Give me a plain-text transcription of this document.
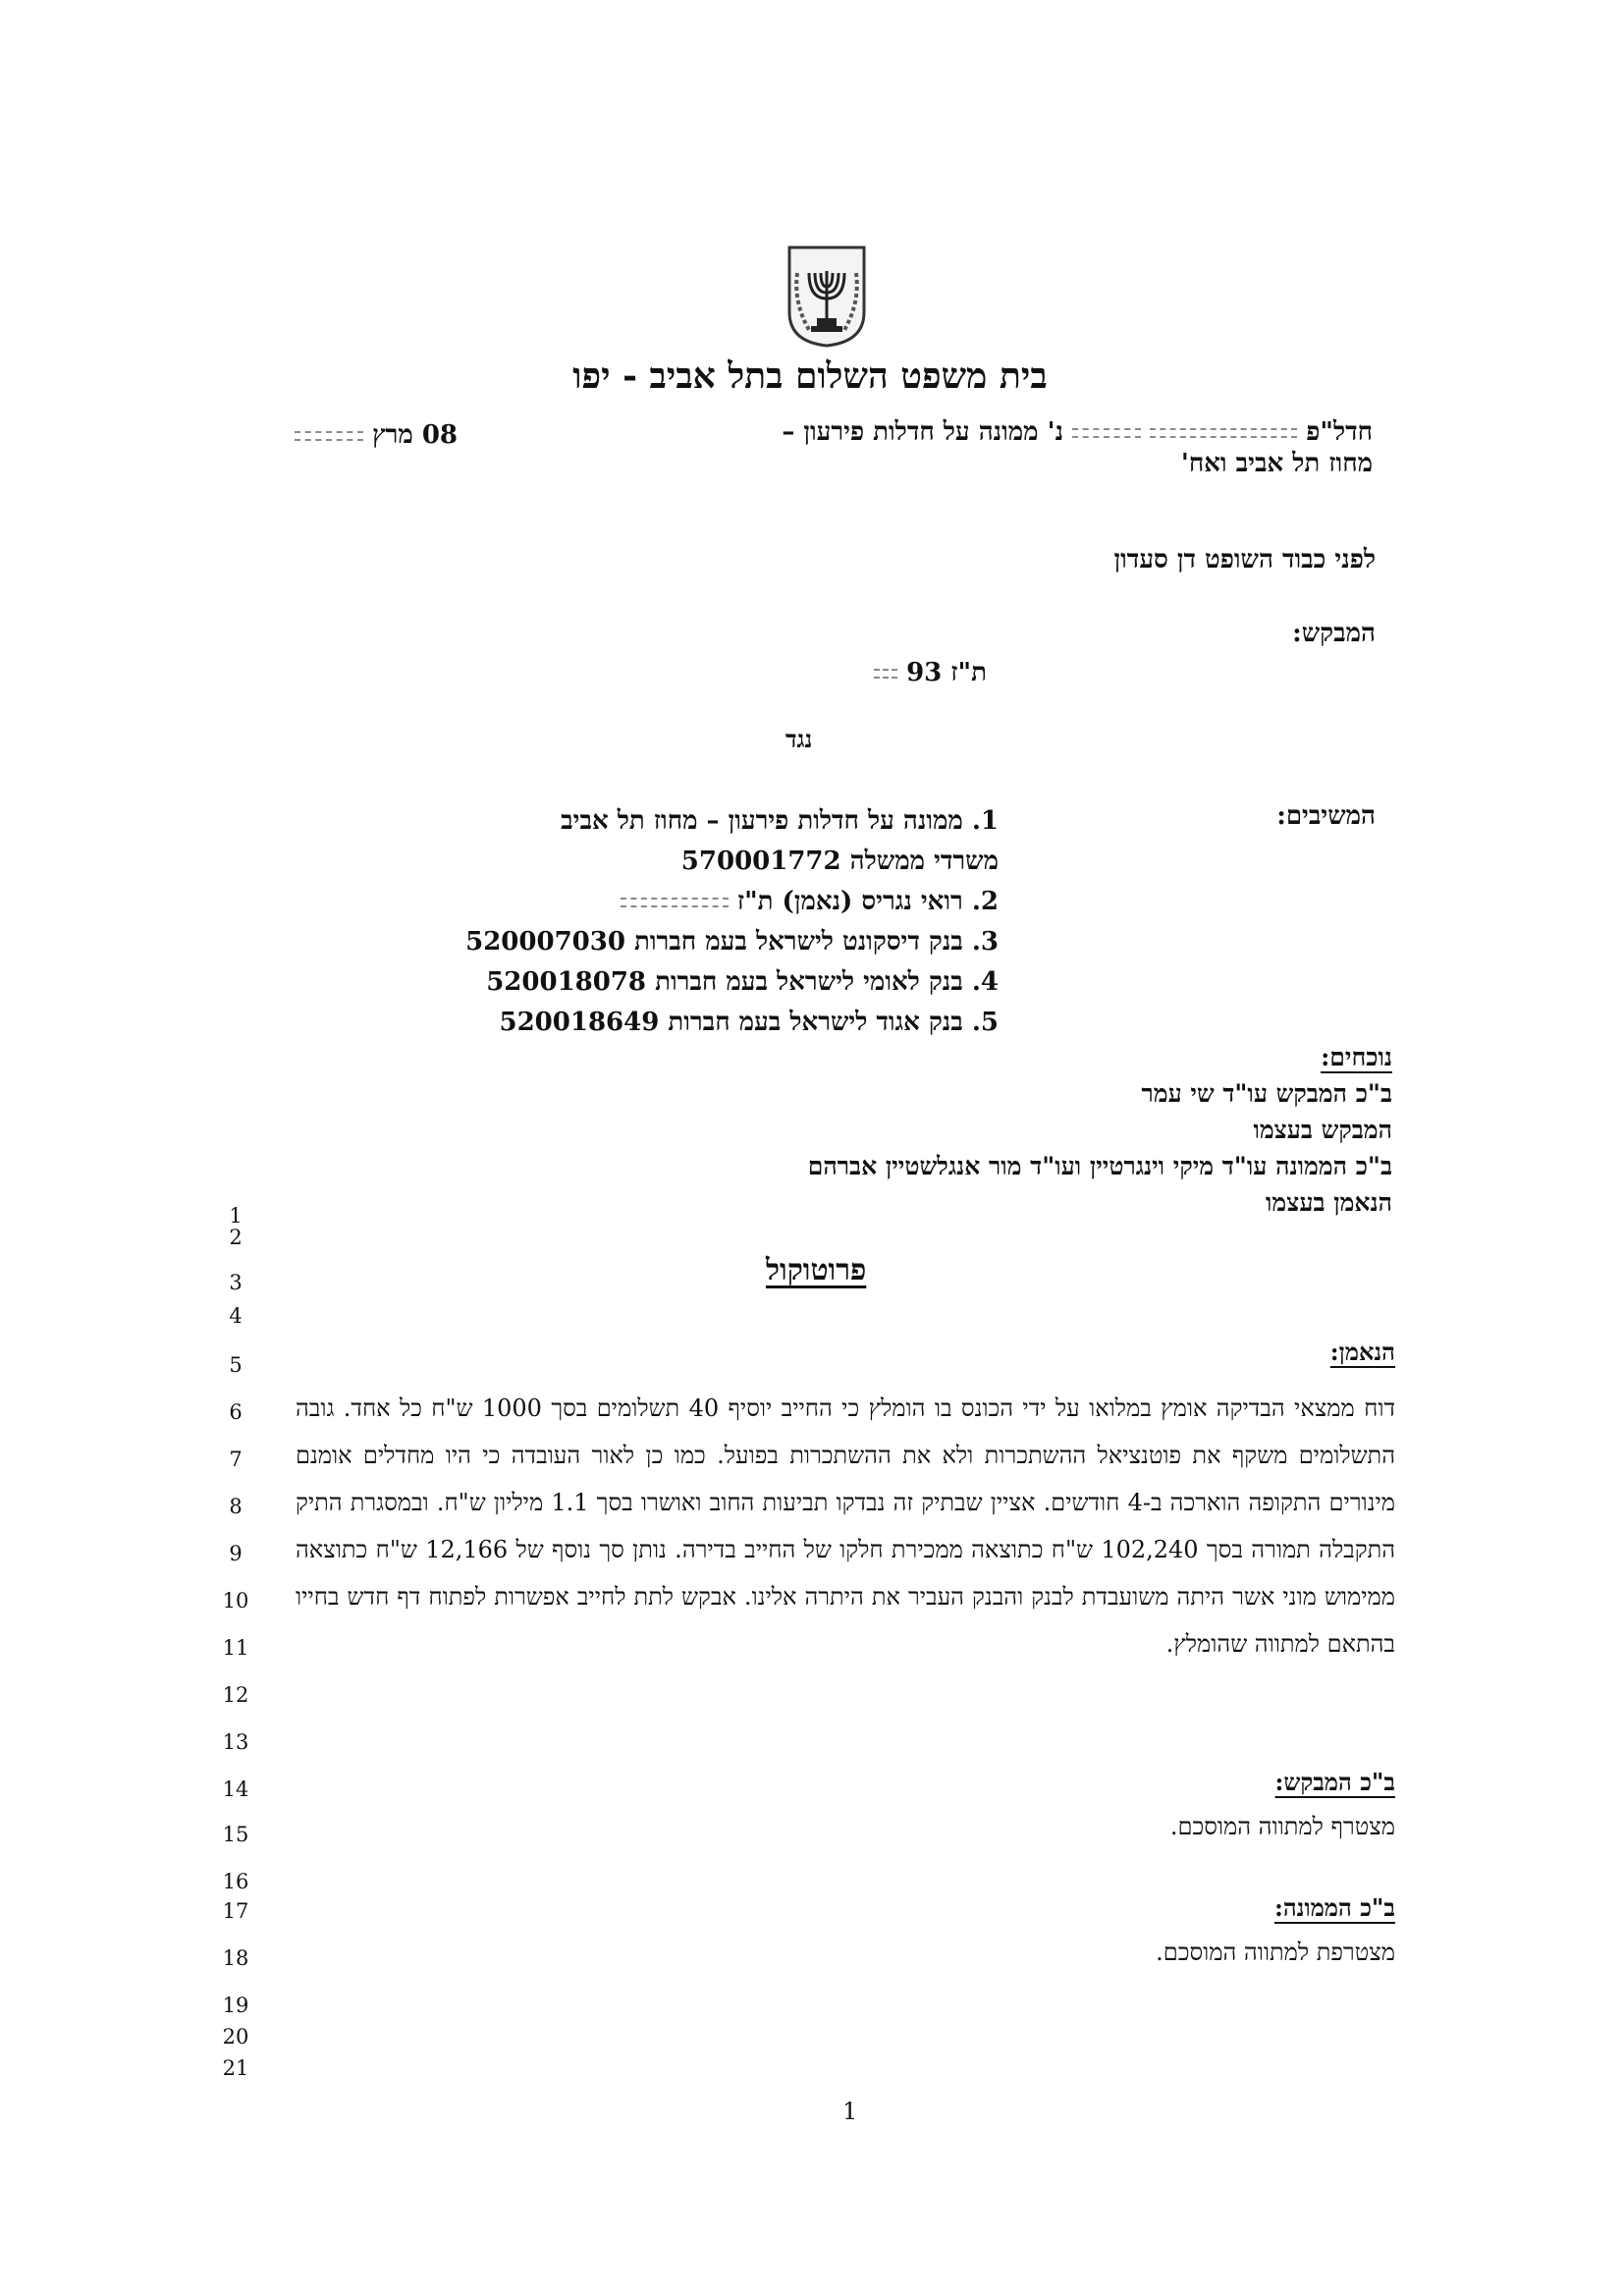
בית משפט השלום בתל אביב - יפו
חדל"פ   נ' ממונה על חדלות פירעון –
מחוז תל אביב ואח'
08 מרץ
לפני כבוד השופט דן סעדון
המבקש:
ת"ז 93
נגד
המשיבים:
1. ממונה על חדלות פירעון – מחוז תל אביב משרדי ממשלה 570001772
2. רואי נגריס (נאמן) ת"ז
3. בנק דיסקונט לישראל בעמ חברות 520007030
4. בנק לאומי לישראל בעמ חברות 520018078
5. בנק אגוד לישראל בעמ חברות 520018649
נוכחים:
ב"כ המבקש עו"ד שי עמר
המבקש בעצמו
ב"כ הממונה עו"ד מיקי וינגרטיין ועו"ד מור אנגלשטיין אברהם
הנאמן בעצמו
1
2
3
4
5
6
7
8
9
10
11
12
13
14
15
16
17
18
19
20
21
פרוטוקול
הנאמן:
דוח ממצאי הבדיקה אומץ במלואו על ידי הכונס בו הומלץ כי החייב יוסיף 40 תשלומים בסך 1000 ש"ח כל אחד. גובה התשלומים משקף את פוטנציאל ההשתכרות ולא את ההשתכרות בפועל. כמו כן לאור העובדה כי היו מחדלים אומנם מינורים התקופה הוארכה ב-4 חודשים. אציין שבתיק זה נבדקו תביעות החוב ואושרו בסך 1.1 מיליון ש"ח. ובמסגרת התיק התקבלה תמורה בסך 102,240 ש"ח כתוצאה ממכירת חלקו של החייב בדירה. נותן סך נוסף של 12,166 ש"ח כתוצאה ממימוש מוני אשר היתה משועבדת לבנק והבנק העביר את היתרה אלינו. אבקש לתת לחייב אפשרות לפתוח דף חדש בחייו בהתאם למתווה שהומלץ.
ב"כ המבקש:
מצטרף למתווה המוסכם.
ב"כ הממונה:
מצטרפת למתווה המוסכם.
1
